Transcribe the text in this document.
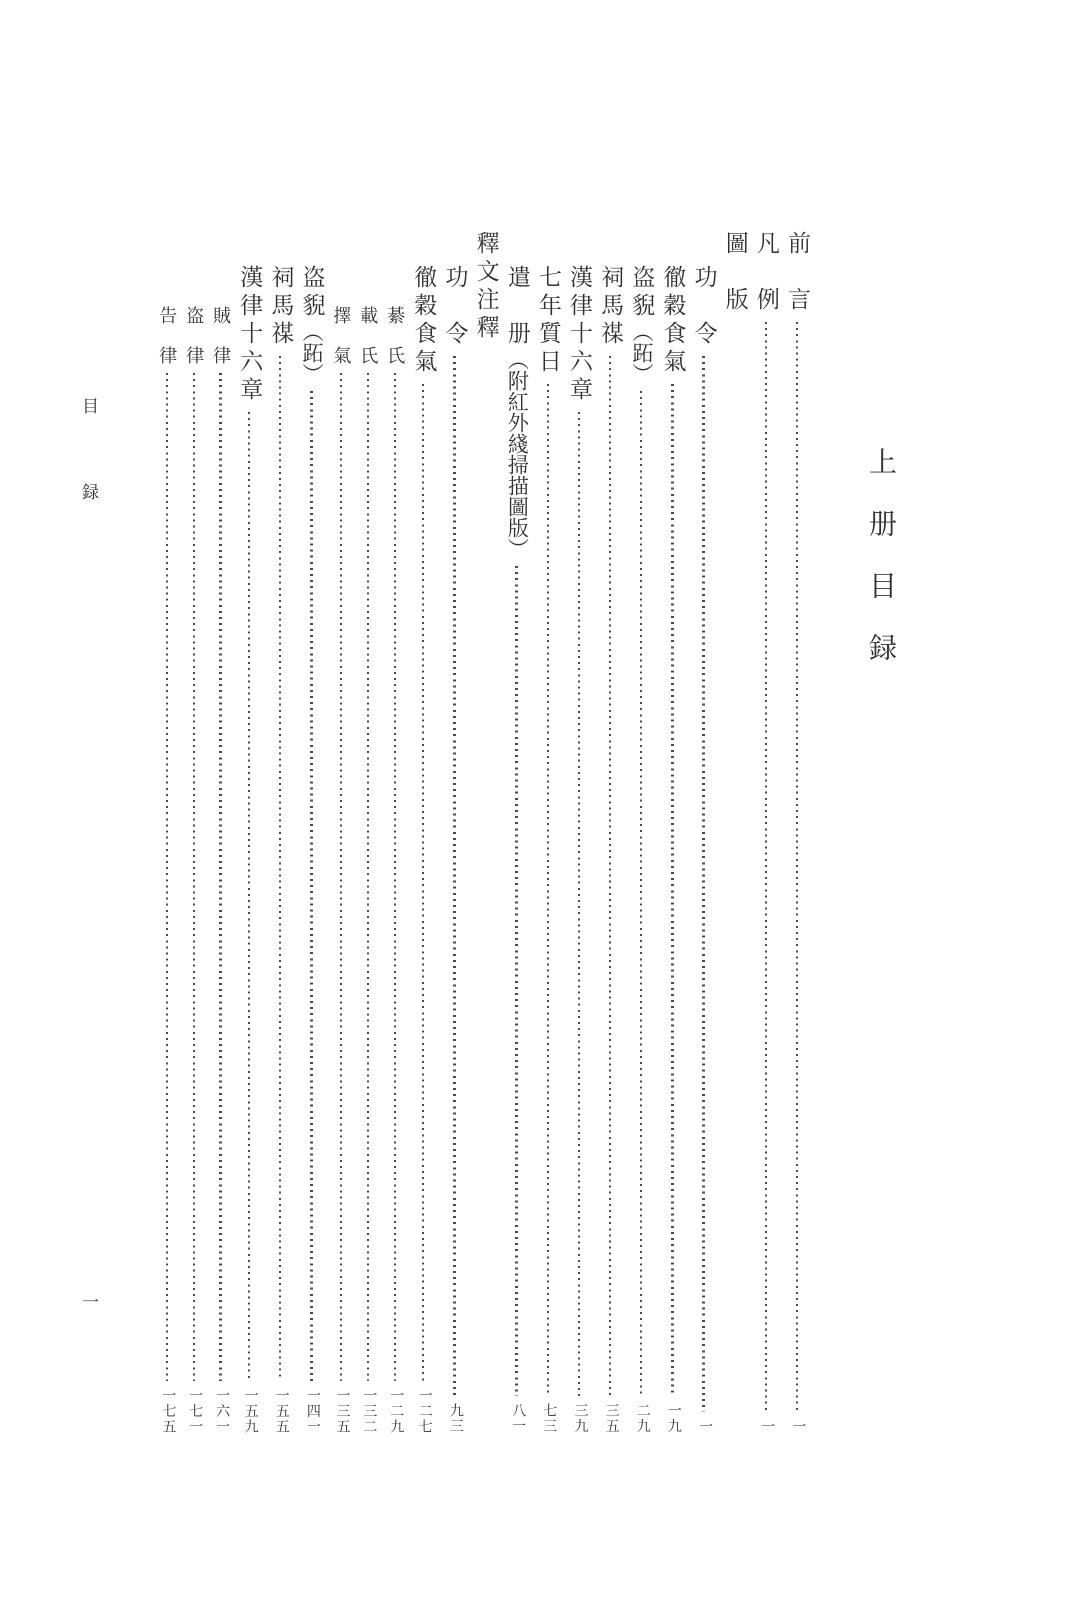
上册目録
目　録
一
前　言
一
凡　例
一
圖　版
功　令
一
徹穀食氣
一九
盗貎
（跖）
二九
祠馬禖
三五
漢律十六章
三九
七年質日
七三
遣　册
（附紅外綫掃描圖版）
八一
釋文注釋
功　令
九三
徹穀食氣
一二七
綦　氏
一二九
載　氏
一三二
擇　氣
一三五
盗貎
（跖）
一四一
祠馬禖
一五五
漢律十六章
一五九
賊　律
一六一
盗　律
一七一
告　律
一七五
